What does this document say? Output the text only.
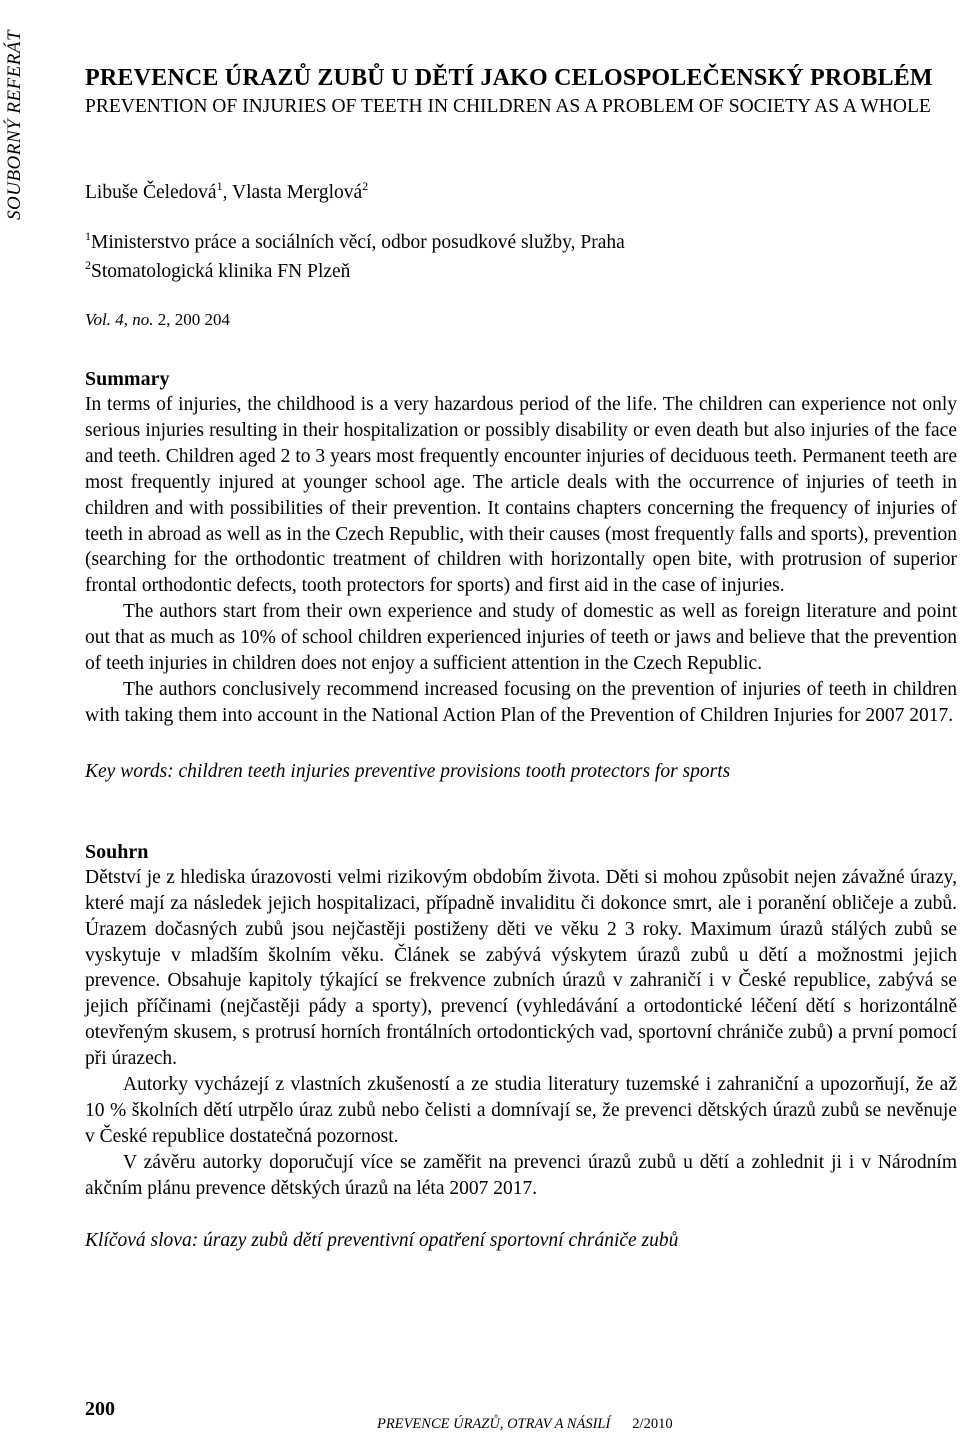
SOUBORNÝ REFERÁT	PREVENCE ÚRAZŮ ZUBŮ U DĚTÍ JAKO CELOSPOLEČENSKÝ PROBLÉM
PREVENTION OF INJURIES OF TEETH IN CHILDREN AS A PROBLEM OF SOCIETY AS A WHOLE
Libuše Čeledová$^1$, Vlasta Merglová$^2$
$^1$Ministerstvo práce a sociálních věcí, odbor posudkové služby, Praha
$^2$Stomatologická klinika FN Plzeň
Vol. 4, no. 2, 200 204
Summary

In terms of injuries, the childhood is a very hazardous period of the life. The children can experience not only serious injuries resulting in their hospitalization or possibly disability or even death but also injuries of the face and teeth. Children aged 2 to 3 years most frequently encounter injuries of deciduous teeth. Permanent teeth are most frequently injured at younger school age. The article deals with the occurrence of injuries of teeth in children and with possibilities of their prevention. It contains chapters concerning the frequency of injuries of teeth in abroad as well as in the Czech Republic, with their causes (most frequently falls and sports), prevention (searching for the orthodontic treatment of children with horizontally open bite, with protrusion of superior frontal orthodontic defects, tooth protectors for sports) and first aid in the case of injuries.

The authors start from their own experience and study of domestic as well as foreign literature and point out that as much as 10% of school children experienced injuries of teeth or jaws and believe that the prevention of teeth injuries in children does not enjoy a sufficient attention in the Czech Republic.

The authors conclusively recommend increased focusing on the prevention of injuries of teeth in children with taking them into account in the National Action Plan of the Prevention of Children Injuries for 2007 2017.

Key words: children teeth injuries preventive provisions tooth protectors for sports
Souhrn

Dětství je z hlediska úrazovosti velmi rizikovým obdobím života. Děti si mohou způsobit nejen závažné úrazy, které mají za následek jejich hospitalizaci, případně invaliditu či dokonce smrt, ale i poranění obličeje a zubů. Úrazem dočasných zubů jsou nejčastěji postiženy děti ve věku 2 3 roky. Maximum úrazů stálých zubů se vyskytuje v mladším školním věku. Článek se zabývá výskytem úrazů zubů u dětí a možnostmi jejich prevence. Obsahuje kapitoly týkající se frekvence zubních úrazů v zahraničí i v České republice, zabývá se jejich příčinami (nejčastěji pády a sporty), prevencí (vyhledávání a ortodontické léčení dětí s horizontálně otevřeným skusem, s protrusí horních frontálních ortodontických vad, sportovní chrániče zubů) a první pomocí při úrazech.

Autorky vycházejí z vlastních zkušeností a ze studia literatury tuzemské i zahraniční a upozorňují, že až 10 % školních dětí utrpělo úraz zubů nebo čelisti a domnívají se, že prevenci dětských úrazů zubů se nevěnuje v České republice dostatečná pozornost.

V závěru autorky doporučují více se zaměřit na prevenci úrazů zubů u dětí a zohlednit ji i v Národním akčním plánu prevence dětských úrazů na léta 2007 2017.

Klíčová slova: úrazy zubů dětí preventivní opatření sportovní chrániče zubů
200
PREVENCE ÚRAZŮ, OTRAV A NÁSILÍ 2/2010
